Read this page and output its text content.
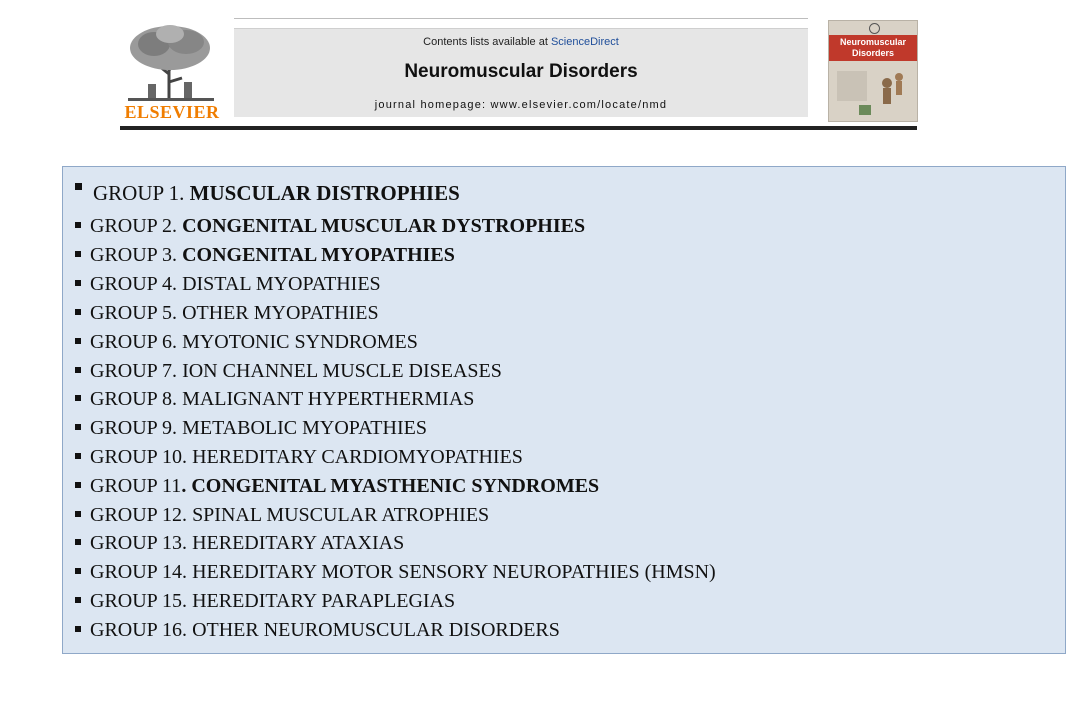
ELSEVIER
Contents lists available at ScienceDirect
Neuromuscular Disorders
journal homepage: www.elsevier.com/locate/nmd
Neuromuscular Disorders
GROUP 1. MUSCULAR DISTROPHIES
GROUP 2. CONGENITAL MUSCULAR DYSTROPHIES
GROUP 3. CONGENITAL MYOPATHIES
GROUP 4. DISTAL MYOPATHIES
GROUP 5. OTHER MYOPATHIES
GROUP 6. MYOTONIC SYNDROMES
GROUP 7. ION CHANNEL MUSCLE DISEASES
GROUP 8. MALIGNANT HYPERTHERMIAS
GROUP 9. METABOLIC MYOPATHIES
GROUP 10. HEREDITARY CARDIOMYOPATHIES
GROUP 11. CONGENITAL MYASTHENIC SYNDROMES
GROUP 12. SPINAL MUSCULAR ATROPHIES
GROUP 13. HEREDITARY ATAXIAS
GROUP 14. HEREDITARY MOTOR SENSORY NEUROPATHIES (HMSN)
GROUP 15. HEREDITARY PARAPLEGIAS
GROUP 16. OTHER NEUROMUSCULAR DISORDERS
